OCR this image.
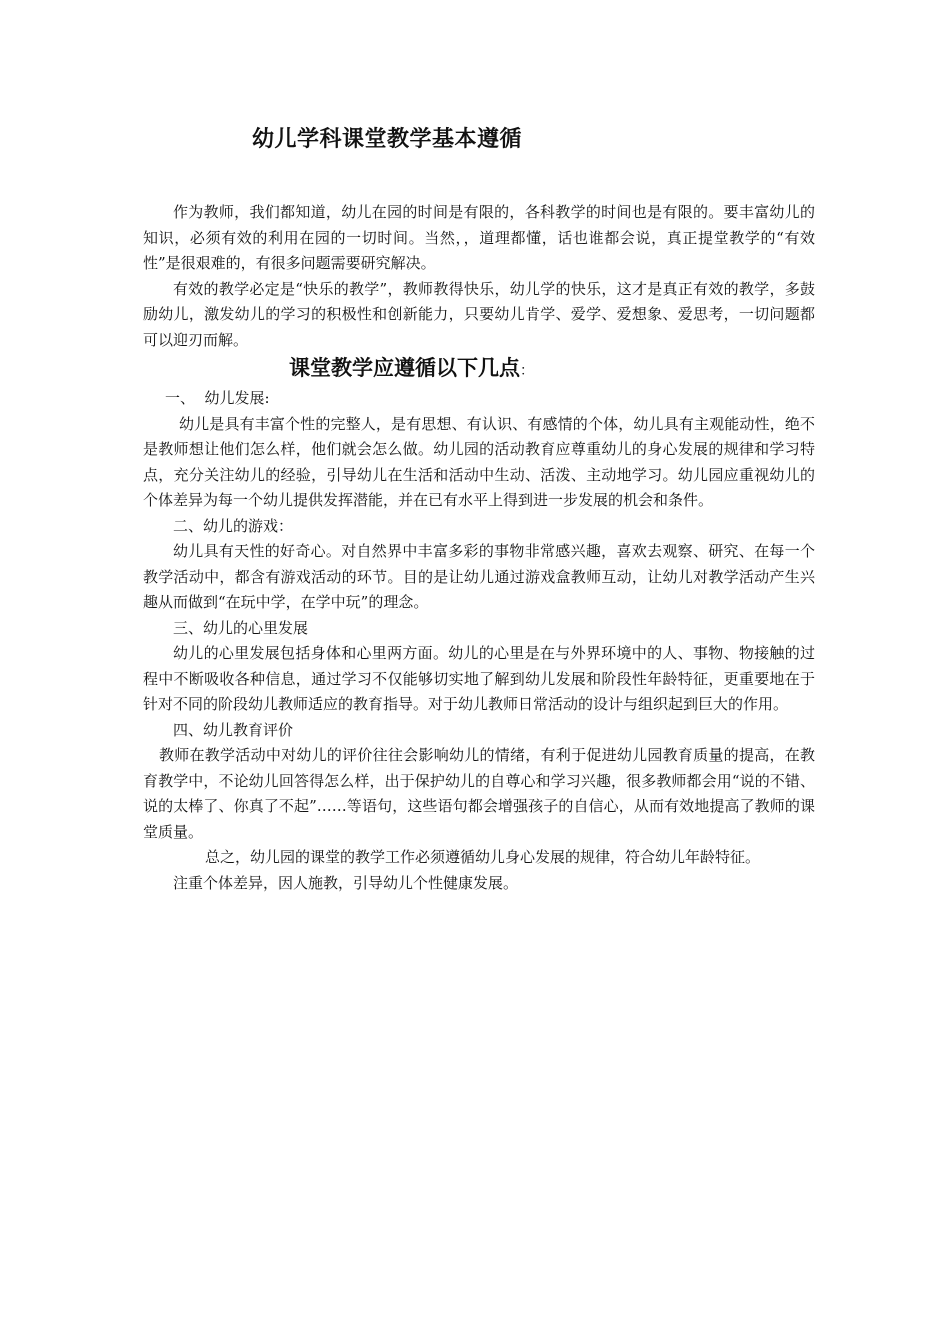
幼儿学科课堂教学基本遵循

作为教师，我们都知道，幼儿在园的时间是有限的，各科教学的时间也是有限的。要丰富幼儿的知识，必须有效的利用在园的一切时间。当然，，道理都懂，话也谁都会说，真正提堂教学的“有效性”是很艰难的，有很多问题需要研究解决。

有效的教学必定是“快乐的教学”，教师教得快乐，幼儿学的快乐，这才是真正有效的教学，多鼓励幼儿，激发幼儿的学习的积极性和创新能力，只要幼儿肯学、爱学、爱想象、爱思考，一切问题都可以迎刃而解。

课堂教学应遵循以下几点：

一、  幼儿发展:

幼儿是具有丰富个性的完整人，是有思想、有认识、有感情的个体，幼儿具有主观能动性，绝不是教师想让他们怎么样，他们就会怎么做。幼儿园的活动教育应尊重幼儿的身心发展的规律和学习特点，充分关注幼儿的经验，引导幼儿在生活和活动中生动、活泼、主动地学习。幼儿园应重视幼儿的个体差异为每一个幼儿提供发挥潜能，并在已有水平上得到进一步发展的机会和条件。

二、幼儿的游戏：

幼儿具有天性的好奇心。对自然界中丰富多彩的事物非常感兴趣，喜欢去观察、研究、在每一个教学活动中，都含有游戏活动的环节。目的是让幼儿通过游戏盒教师互动，让幼儿对教学活动产生兴趣从而做到“在玩中学，在学中玩”的理念。

三、幼儿的心里发展

幼儿的心里发展包括身体和心里两方面。幼儿的心里是在与外界环境中的人、事物、物接触的过程中不断吸收各种信息，通过学习不仅能够切实地了解到幼儿发展和阶段性年龄特征，更重要地在于针对不同的阶段幼儿教师适应的教育指导。对于幼儿教师日常活动的设计与组织起到巨大的作用。

四、幼儿教育评价

教师在教学活动中对幼儿的评价往往会影响幼儿的情绪，有利于促进幼儿园教育质量的提高，在教育教学中，不论幼儿回答得怎么样，出于保护幼儿的自尊心和学习兴趣，很多教师都会用“说的不错、说的太棒了、你真了不起”……等语句，这些语句都会增强孩子的自信心，从而有效地提高了教师的课堂质量。

总之，幼儿园的课堂的教学工作必须遵循幼儿身心发展的规律，符合幼儿年龄特征。

注重个体差异，因人施教，引导幼儿个性健康发展。
